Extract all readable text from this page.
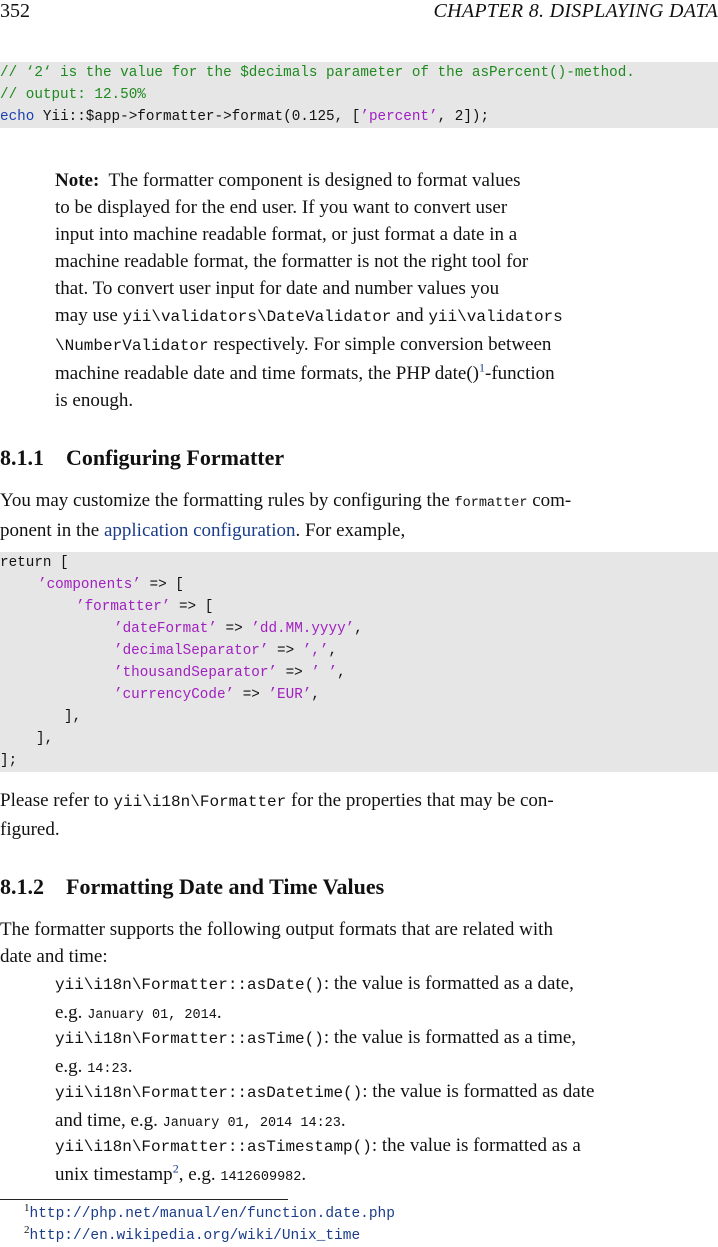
352	CHAPTER 8. DISPLAYING DATA
// ‘2‘ is the value for the $decimals parameter of the asPercent()-method.
// output: 12.50%
echo Yii::$app->formatter->format(0.125, [’percent’, 2]);
Note: The formatter component is designed to format values
to be displayed for the end user. If you want to convert user
input into machine readable format, or just format a date in a
machine readable format, the formatter is not the right tool for
that. To convert user input for date and number values you
may use yii\validators\DateValidator and yii\validators
\NumberValidator respectively. For simple conversion between
machine readable date and time formats, the PHP date()$^1$-function
is enough.
8.1.1 Configuring Formatter
You may customize the formatting rules by configuring the formatter com-
ponent in the application configuration. For example,
return [
’components’ => [
’formatter’ => [
’dateFormat’ => ’dd.MM.yyyy’,
’decimalSeparator’ => ’,’,
’thousandSeparator’ => ’ ’,
’currencyCode’ => ’EUR’,
],
],
];
Please refer to yii\i18n\Formatter for the properties that may be con-
figured.
8.1.2 Formatting Date and Time Values
The formatter supports the following output formats that are related with
date and time:
yii\i18n\Formatter::asDate(): the value is formatted as a date,
e.g. January 01, 2014.
yii\i18n\Formatter::asTime(): the value is formatted as a time,
e.g. 14:23.
yii\i18n\Formatter::asDatetime(): the value is formatted as date
and time, e.g. January 01, 2014 14:23.
yii\i18n\Formatter::asTimestamp(): the value is formatted as a
unix timestamp$^2$, e.g. 1412609982.
$^1$http://php.net/manual/en/function.date.php
$^2$http://en.wikipedia.org/wiki/Unix_time
